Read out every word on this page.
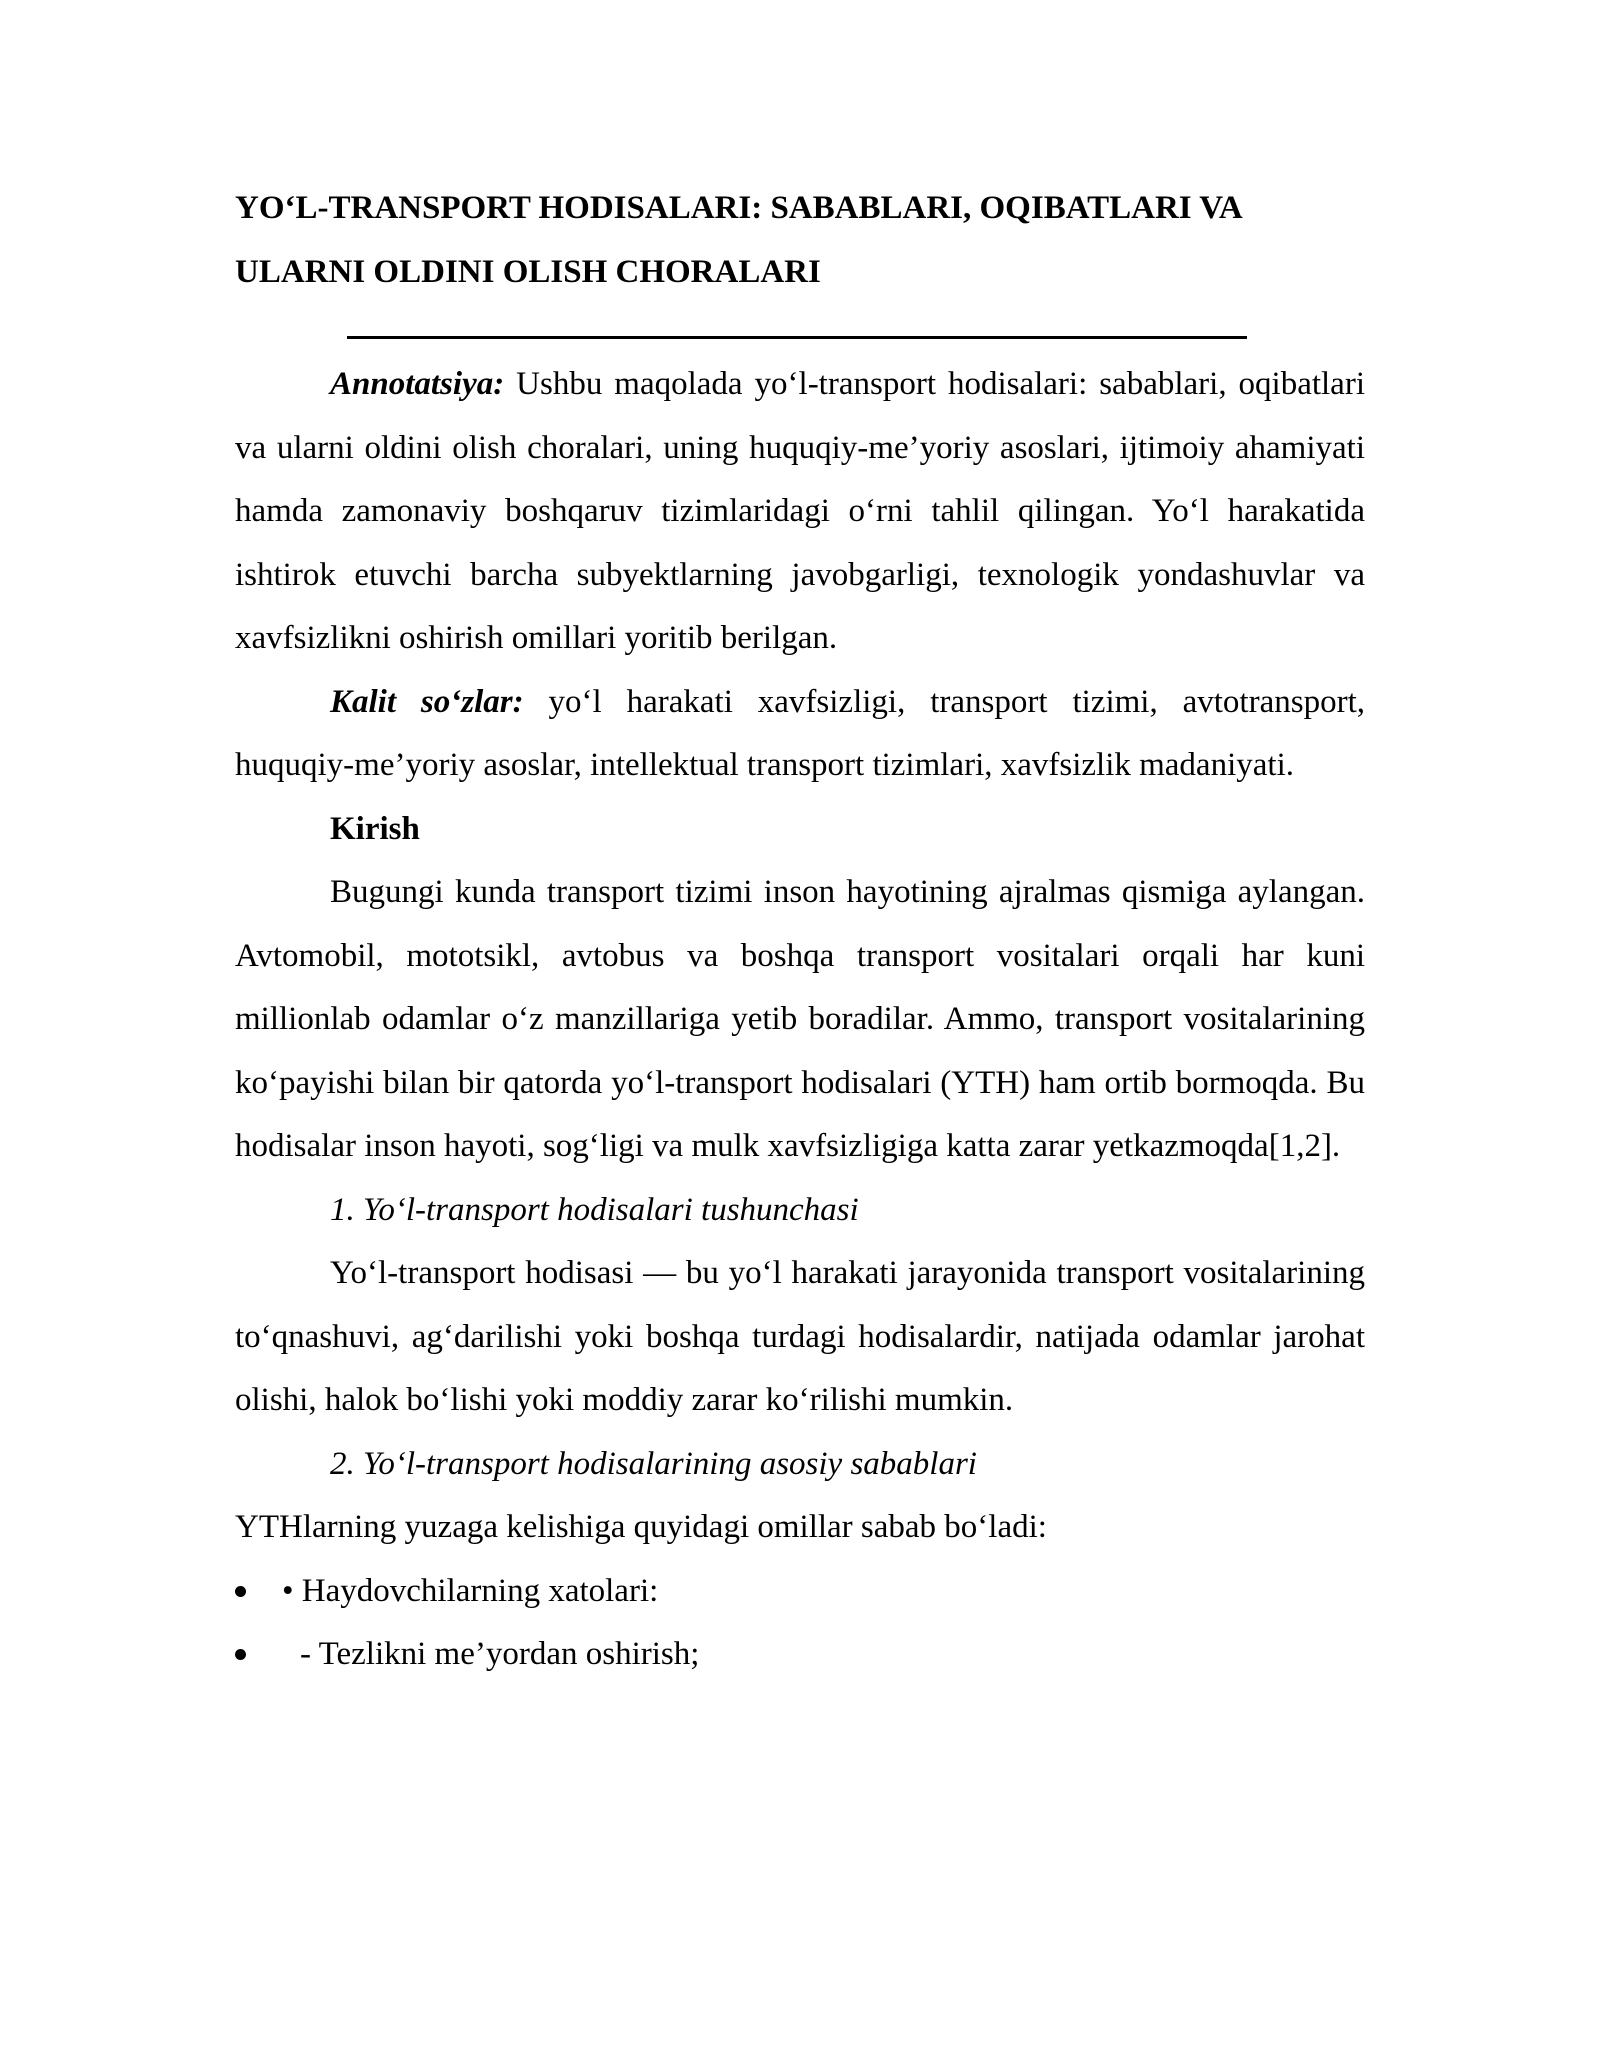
YO‘L-TRANSPORT HODISALARI: SABABLARI, OQIBATLARI VA
ULARNI OLDINI OLISH CHORALARI

Annotatsiya: Ushbu maqolada yo‘l-transport hodisalari: sabablari, oqibatlari va ularni oldini olish choralari, uning huquqiy-me’yoriy asoslari, ijtimoiy ahamiyati hamda zamonaviy boshqaruv tizimlaridagi o‘rni tahlil qilingan. Yo‘l harakatida ishtirok etuvchi barcha subyektlarning javobgarligi, texnologik yondashuvlar va xavfsizlikni oshirish omillari yoritib berilgan.

Kalit so‘zlar: yo‘l harakati xavfsizligi, transport tizimi, avtotransport, huquqiy-me’yoriy asoslar, intellektual transport tizimlari, xavfsizlik madaniyati.

Kirish

Bugungi kunda transport tizimi inson hayotining ajralmas qismiga aylangan. Avtomobil, mototsikl, avtobus va boshqa transport vositalari orqali har kuni millionlab odamlar o‘z manzillariga yetib boradilar. Ammo, transport vositalarining ko‘payishi bilan bir qatorda yo‘l-transport hodisalari (YTH) ham ortib bormoqda. Bu hodisalar inson hayoti, sog‘ligi va mulk xavfsizligiga katta zarar yetkazmoqda[1,2].

1. Yo‘l-transport hodisalari tushunchasi

Yo‘l-transport hodisasi — bu yo‘l harakati jarayonida transport vositalarining to‘qnashuvi, ag‘darilishi yoki boshqa turdagi hodisalardir, natijada odamlar jarohat olishi, halok bo‘lishi yoki moddiy zarar ko‘rilishi mumkin.

2. Yo‘l-transport hodisalarining asosiy sabablari

YTHlarning yuzaga kelishiga quyidagi omillar sabab bo‘ladi:

• Haydovchilarning xatolari:
- Tezlikni me’yordan oshirish;
